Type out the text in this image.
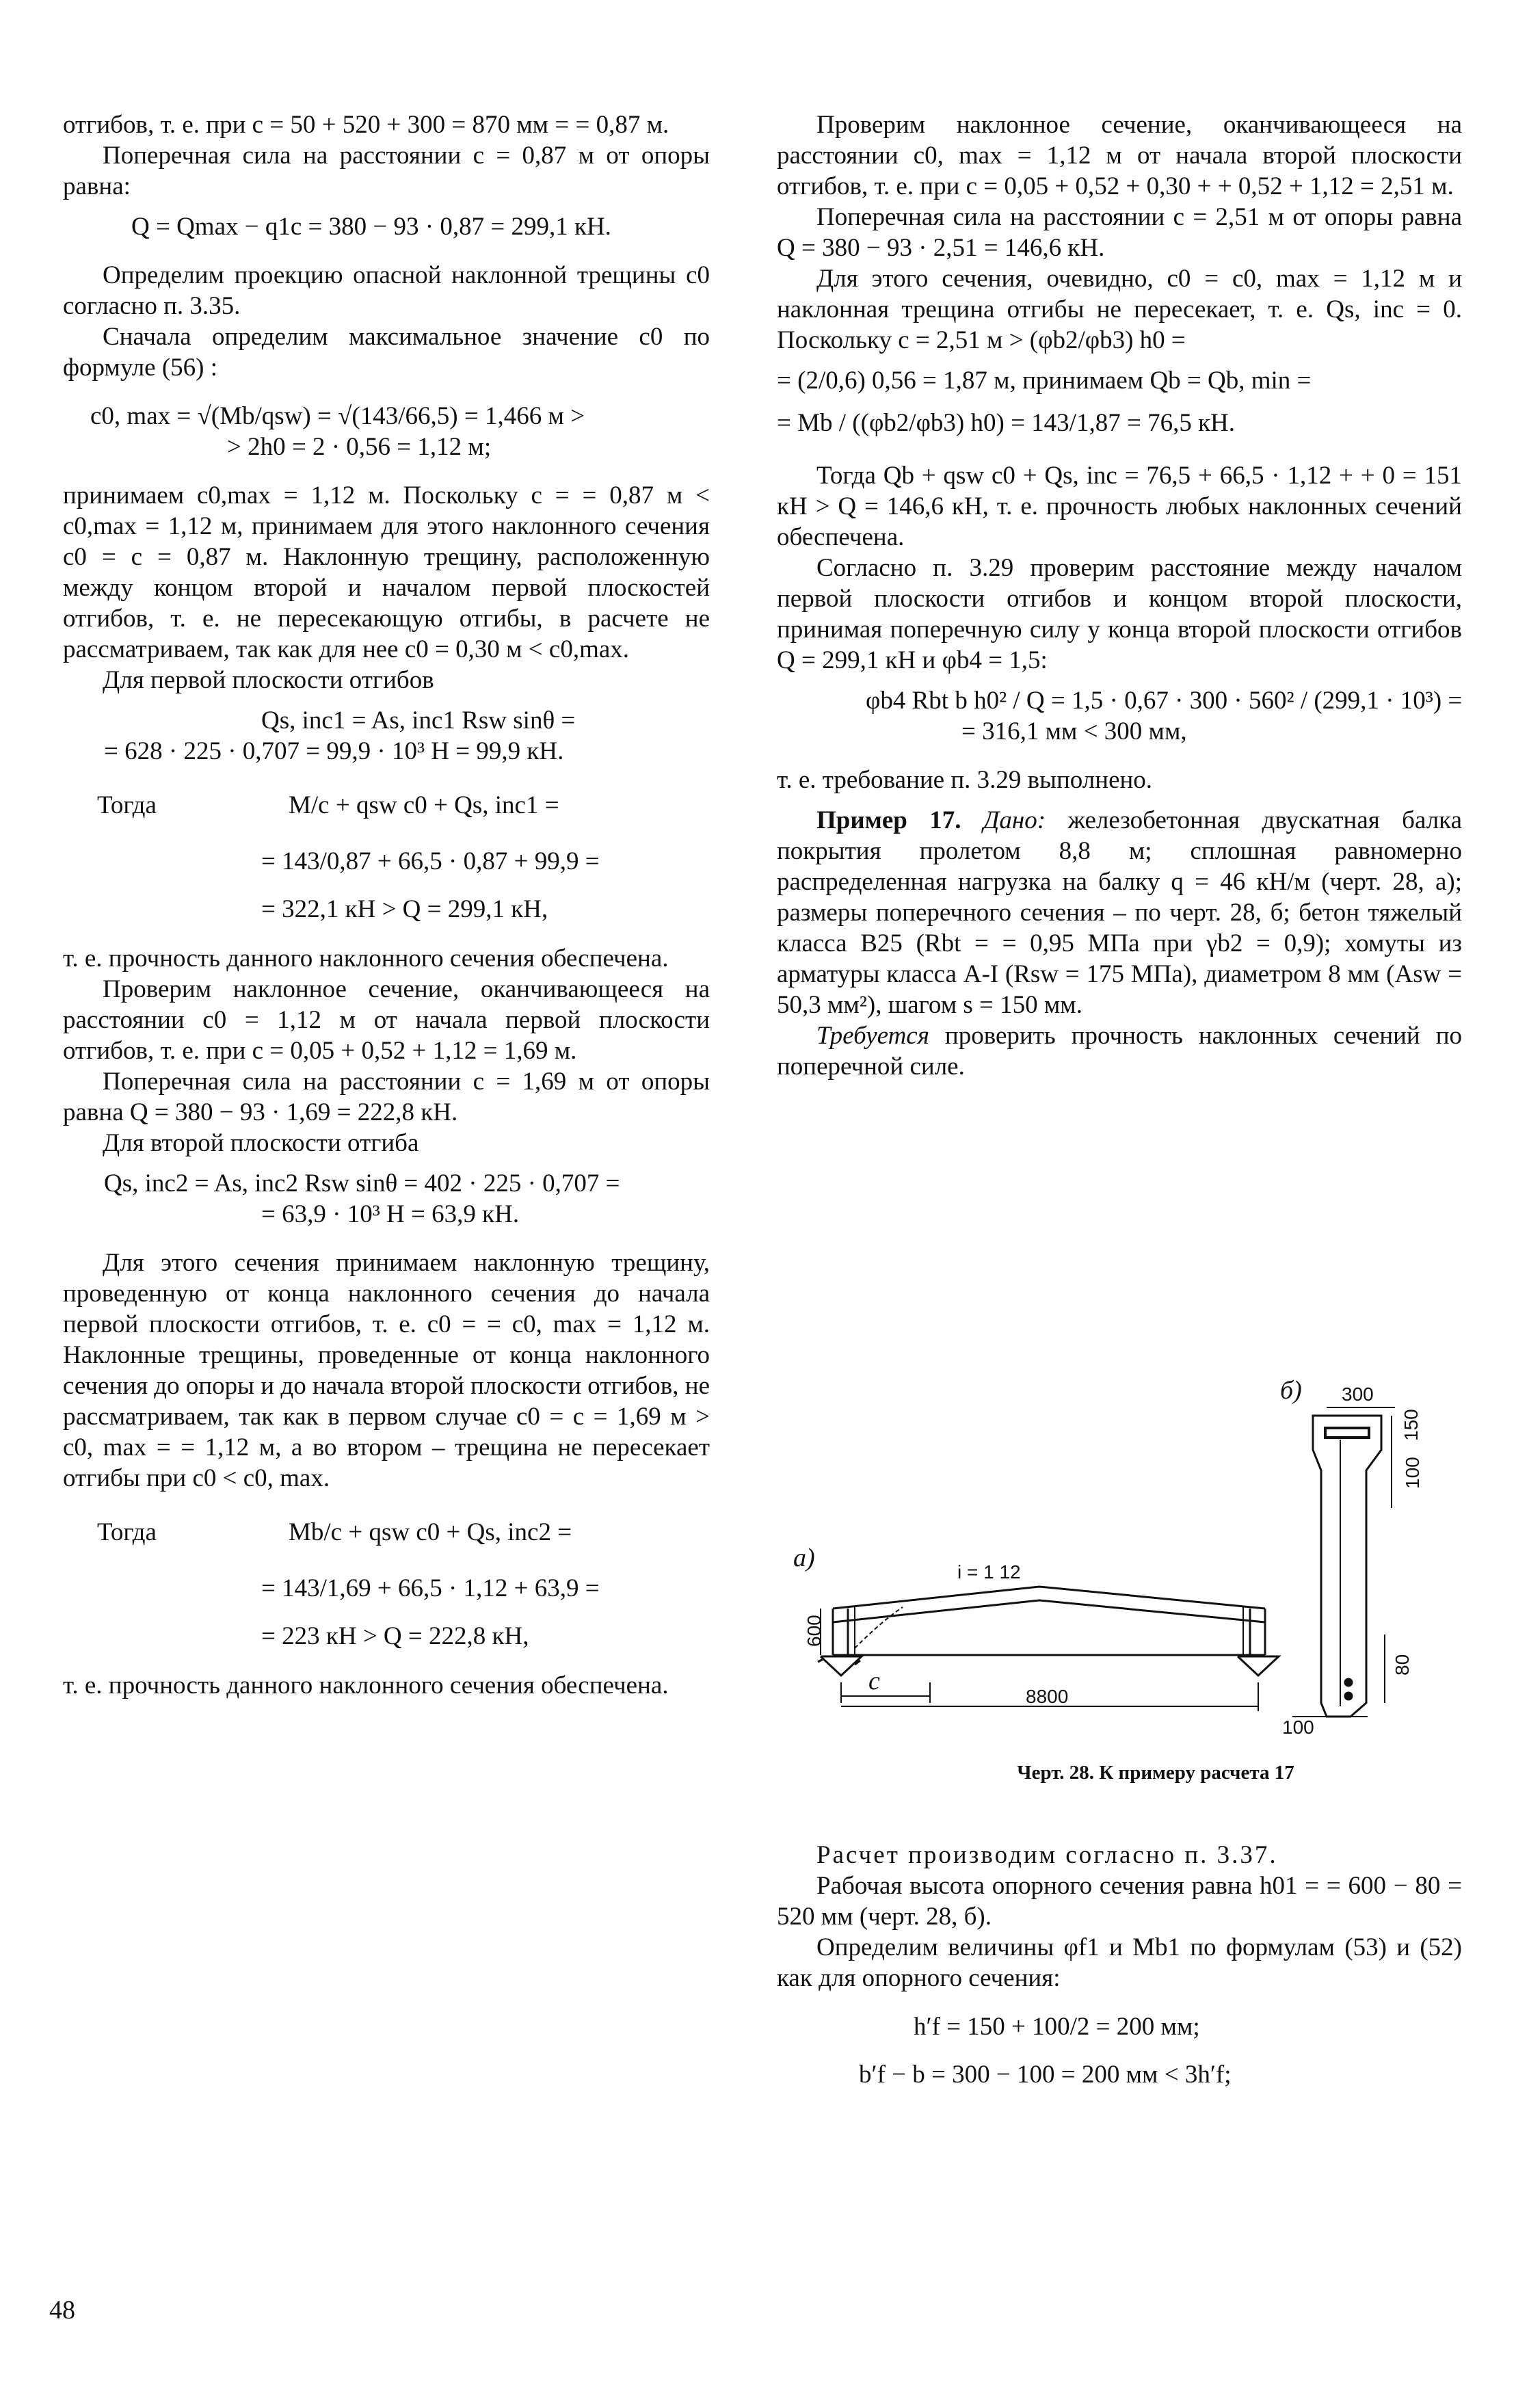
отгибов, т. е. при c = 50 + 520 + 300 = 870 мм = = 0,87 м.

Поперечная сила на расстоянии c = 0,87 м от опоры равна:

Q = Qmax − q1c = 380 − 93 · 0,87 = 299,1 кН.

Определим проекцию опасной наклонной трещины c0 согласно п. 3.35.

Сначала определим максимальное значение c0 по формуле (56) :

c0, max = √(Mb/qsw) = √(143/66,5) = 1,466 м >

> 2h0 = 2 · 0,56 = 1,12 м;

принимаем c0,max = 1,12 м. Поскольку c = = 0,87 м < c0,max = 1,12 м, принимаем для этого наклонного сечения c0 = c = 0,87 м. Наклонную трещину, расположенную между концом второй и началом первой плоскостей отгибов, т. е. не пересекающую отгибы, в расчете не рассматриваем, так как для нее c0 = 0,30 м < c0,max.

Для первой плоскости отгибов

Qs, inc1 = As, inc1 Rsw sinθ =

= 628 · 225 · 0,707 = 99,9 · 10³ Н = 99,9 кН.

Тогда	M/c + qsw c0 + Qs, inc1 =

= 143/0,87 + 66,5 · 0,87 + 99,9 =

= 322,1 кН > Q = 299,1 кН,

т. е. прочность данного наклонного сечения обеспечена.

Проверим наклонное сечение, оканчивающееся на расстоянии c0 = 1,12 м от начала первой плоскости отгибов, т. е. при c = 0,05 + 0,52 + 1,12 = 1,69 м.

Поперечная сила на расстоянии c = 1,69 м от опоры равна Q = 380 − 93 · 1,69 = 222,8 кН.

Для второй плоскости отгиба

Qs, inc2 = As, inc2 Rsw sinθ = 402 · 225 · 0,707 =

= 63,9 · 10³ Н = 63,9 кН.

Для этого сечения принимаем наклонную трещину, проведенную от конца наклонного сечения до начала первой плоскости отгибов, т. е. c0 = = c0, max = 1,12 м. Наклонные трещины, проведенные от конца наклонного сечения до опоры и до начала второй плоскости отгибов, не рассматриваем, так как в первом случае c0 = c = 1,69 м > c0, max = = 1,12 м, а во втором – трещина не пересекает отгибы при c0 < c0, max.

Тогда	Mb/c + qsw c0 + Qs, inc2 =

= 143/1,69 + 66,5 · 1,12 + 63,9 =

= 223 кН > Q = 222,8 кН,

т. е. прочность данного наклонного сечения обеспечена.

Проверим наклонное сечение, оканчивающееся на расстоянии c0, max = 1,12 м от начала второй плоскости отгибов, т. е. при c = 0,05 + 0,52 + 0,30 + + 0,52 + 1,12 = 2,51 м.

Поперечная сила на расстоянии c = 2,51 м от опоры равна Q = 380 − 93 · 2,51 = 146,6 кН.

Для этого сечения, очевидно, c0 = c0, max = 1,12 м и наклонная трещина отгибы не пересекает, т. е. Qs, inc = 0. Поскольку c = 2,51 м > (φb2/φb3) h0 =

= (2/0,6) 0,56 = 1,87 м, принимаем Qb = Qb, min =

= Mb / ((φb2/φb3) h0) = 143/1,87 = 76,5 кН.

Тогда Qb + qsw c0 + Qs, inc = 76,5 + 66,5 · 1,12 + + 0 = 151 кН > Q = 146,6 кН, т. е. прочность любых наклонных сечений обеспечена.

Согласно п. 3.29 проверим расстояние между началом первой плоскости отгибов и концом второй плоскости, принимая поперечную силу у конца второй плоскости отгибов Q = 299,1 кН и φb4 = 1,5:

φb4 Rbt b h0² / Q = 1,5 · 0,67 · 300 · 560² / (299,1 · 10³) =

= 316,1 мм < 300 мм,

т. е. требование п. 3.29 выполнено.

Пример 17. Дано: железобетонная двускатная балка покрытия пролетом 8,8 м; сплошная равномерно распределенная нагрузка на балку q = 46 кН/м (черт. 28, а); размеры поперечного сечения – по черт. 28, б; бетон тяжелый класса В25 (Rbt = = 0,95 МПа при γb2 = 0,9); хомуты из арматуры класса А-I (Rsw = 175 МПа), диаметром 8 мм (Asw = 50,3 мм²), шагом s = 150 мм.

Требуется проверить прочность наклонных сечений по поперечной силе.

а)	i = 1 12
600
c
8800
б) 300
150
100
80
100
Черт. 28. К примеру расчета 17

Расчет производим согласно п. 3.37.

Рабочая высота опорного сечения равна h01 = = 600 − 80 = 520 мм (черт. 28, б).

Определим величины φf1 и Mb1 по формулам (53) и (52) как для опорного сечения:

h′f = 150 + 100/2 = 200 мм;

b′f − b = 300 − 100 = 200 мм < 3h′f;

48
